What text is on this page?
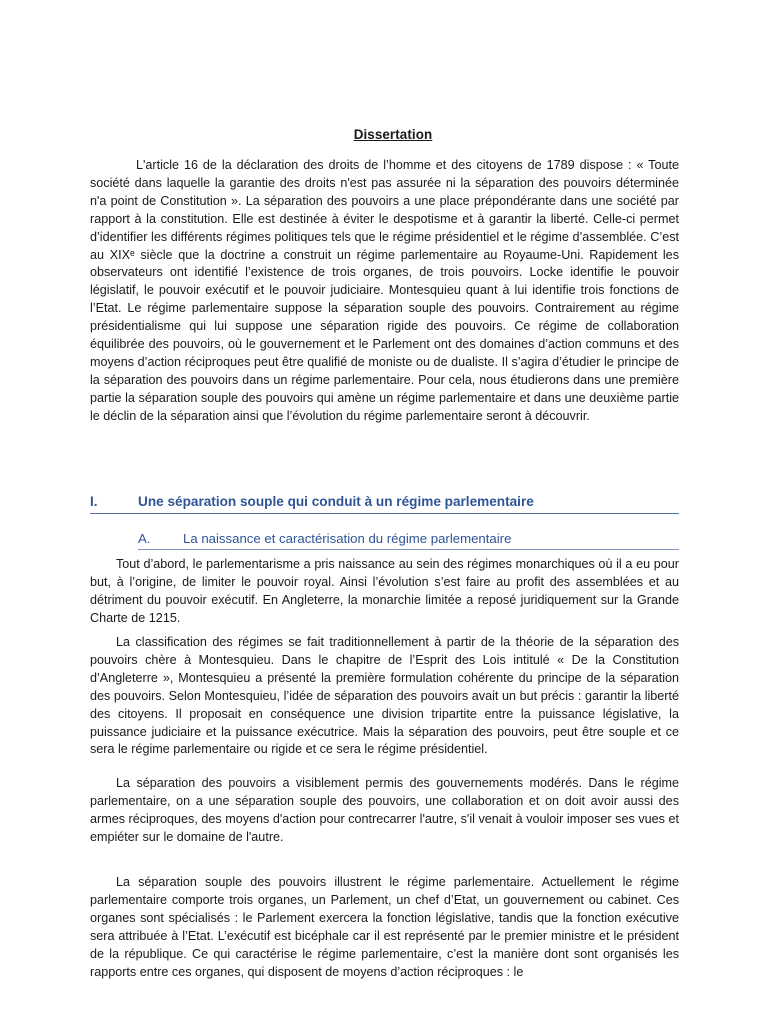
Dissertation

L'article 16 de la déclaration des droits de l’homme et des citoyens de 1789 dispose : « Toute société dans laquelle la garantie des droits n'est pas assurée ni la séparation des pouvoirs déterminée n'a point de Constitution ». La séparation des pouvoirs a une place prépondérante dans une société par rapport à la constitution. Elle est destinée à éviter le despotisme et à garantir la liberté. Celle-ci permet d’identifier les différents régimes politiques tels que le régime présidentiel et le régime d’assemblée. C’est au XIXᵉ siècle que la doctrine a construit un régime parlementaire au Royaume-Uni. Rapidement les observateurs ont identifié l’existence de trois organes, de trois pouvoirs. Locke identifie le pouvoir législatif, le pouvoir exécutif et le pouvoir judiciaire. Montesquieu quant à lui identifie trois fonctions de l’Etat. Le régime parlementaire suppose la séparation souple des pouvoirs. Contrairement au régime présidentialisme qui lui suppose une séparation rigide des pouvoirs. Ce régime de collaboration équilibrée des pouvoirs, où le gouvernement et le Parlement ont des domaines d’action communs et des moyens d’action réciproques peut être qualifié de moniste ou de dualiste. Il s’agira d’étudier le principe de la séparation des pouvoirs dans un régime parlementaire. Pour cela, nous étudierons dans une première partie la séparation souple des pouvoirs qui amène un régime parlementaire et dans une deuxième partie le déclin de la séparation ainsi que l’évolution du régime parlementaire seront à découvrir.

I.	Une séparation souple qui conduit à un régime parlementaire
A. La naissance et caractérisation du régime parlementaire

Tout d’abord, le parlementarisme a pris naissance au sein des régimes monarchiques où il a eu pour but, à l’origine, de limiter le pouvoir royal. Ainsi l’évolution s’est faire au profit des assemblées et au détriment du pouvoir exécutif. En Angleterre, la monarchie limitée a reposé juridiquement sur la Grande Charte de 1215.

La classification des régimes se fait traditionnellement à partir de la théorie de la séparation des pouvoirs chère à Montesquieu. Dans le chapitre de l’Esprit des Lois intitulé « De la Constitution d’Angleterre », Montesquieu a présenté la première formulation cohérente du principe de la séparation des pouvoirs. Selon Montesquieu, l’idée de séparation des pouvoirs avait un but précis : garantir la liberté des citoyens. Il proposait en conséquence une division tripartite entre la puissance législative, la puissance judiciaire et la puissance exécutrice. Mais la séparation des pouvoirs, peut être souple et ce sera le régime parlementaire ou rigide et ce sera le régime présidentiel.

La séparation des pouvoirs a visiblement permis des gouvernements modérés. Dans le régime parlementaire, on a une séparation souple des pouvoirs, une collaboration et on doit avoir aussi des armes réciproques, des moyens d'action pour contrecarrer l'autre, s'il venait à vouloir imposer ses vues et empiéter sur le domaine de l'autre.

La séparation souple des pouvoirs illustrent le régime parlementaire. Actuellement le régime parlementaire comporte trois organes, un Parlement, un chef d’Etat, un gouvernement ou cabinet. Ces organes sont spécialisés : le Parlement exercera la fonction législative, tandis que la fonction exécutive sera attribuée à l’Etat. L’exécutif est bicéphale car il est représenté par le premier ministre et le président de la république. Ce qui caractérise le régime parlementaire, c’est la manière dont sont organisés les rapports entre ces organes, qui disposent de moyens d’action réciproques : le
